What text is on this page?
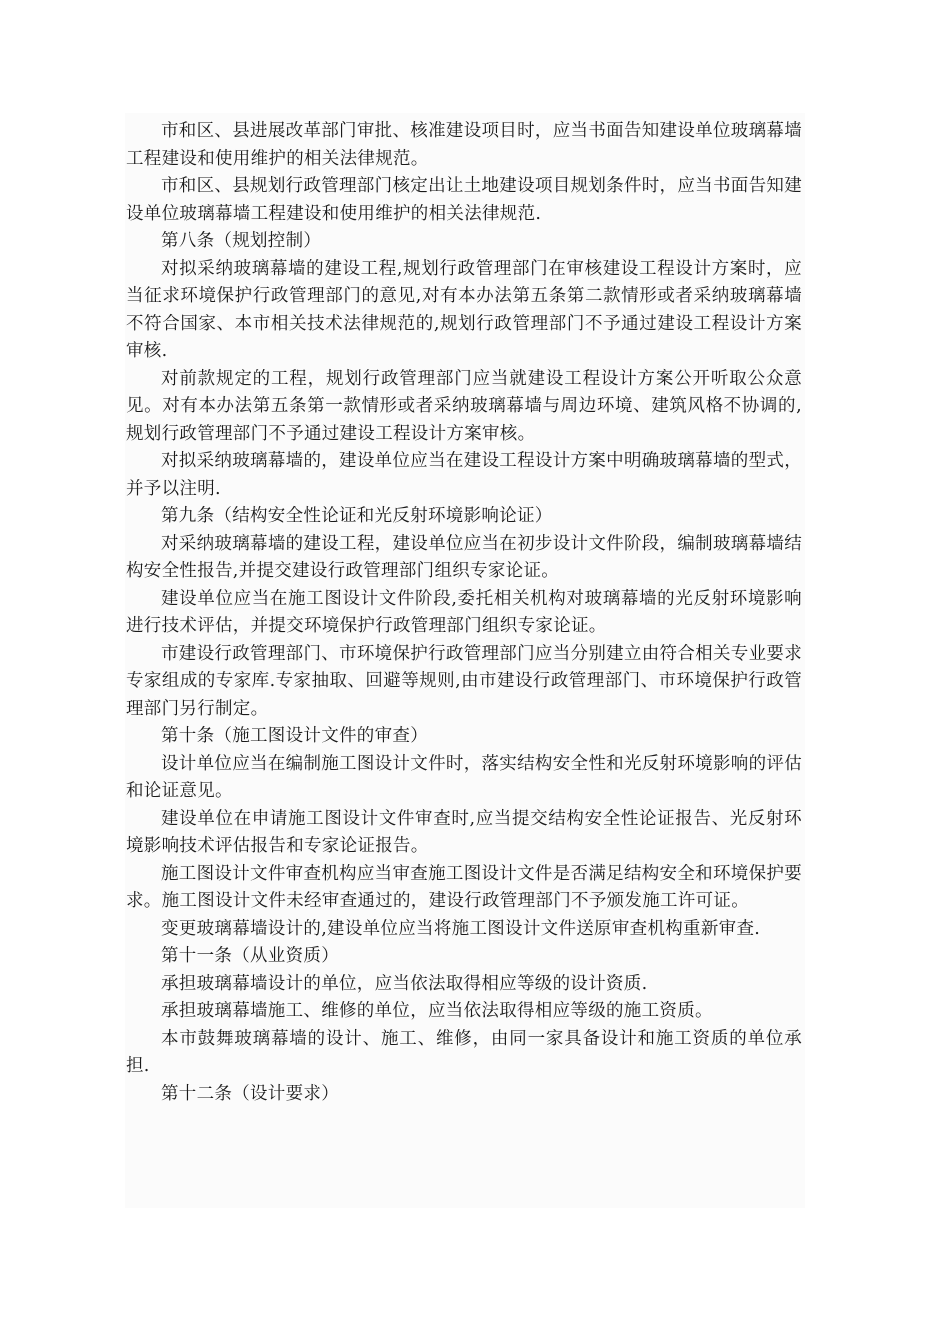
市和区、县进展改革部门审批、核准建设项目时，应当书面告知建设单位玻璃幕墙工程建设和使用维护的相关法律规范。

市和区、县规划行政管理部门核定出让土地建设项目规划条件时，应当书面告知建设单位玻璃幕墙工程建设和使用维护的相关法律规范.

第八条（规划控制）

对拟采纳玻璃幕墙的建设工程,规划行政管理部门在审核建设工程设计方案时，应当征求环境保护行政管理部门的意见,对有本办法第五条第二款情形或者采纳玻璃幕墙不符合国家、本市相关技术法律规范的,规划行政管理部门不予通过建设工程设计方案审核.

对前款规定的工程，规划行政管理部门应当就建设工程设计方案公开听取公众意见。对有本办法第五条第一款情形或者采纳玻璃幕墙与周边环境、建筑风格不协调的,规划行政管理部门不予通过建设工程设计方案审核。

对拟采纳玻璃幕墙的，建设单位应当在建设工程设计方案中明确玻璃幕墙的型式，并予以注明.

第九条（结构安全性论证和光反射环境影响论证）

对采纳玻璃幕墙的建设工程，建设单位应当在初步设计文件阶段，编制玻璃幕墙结构安全性报告,并提交建设行政管理部门组织专家论证。

建设单位应当在施工图设计文件阶段,委托相关机构对玻璃幕墙的光反射环境影响进行技术评估，并提交环境保护行政管理部门组织专家论证。

市建设行政管理部门、市环境保护行政管理部门应当分别建立由符合相关专业要求专家组成的专家库.专家抽取、回避等规则,由市建设行政管理部门、市环境保护行政管理部门另行制定。

第十条（施工图设计文件的审查）

设计单位应当在编制施工图设计文件时，落实结构安全性和光反射环境影响的评估和论证意见。

建设单位在申请施工图设计文件审查时,应当提交结构安全性论证报告、光反射环境影响技术评估报告和专家论证报告。

施工图设计文件审查机构应当审查施工图设计文件是否满足结构安全和环境保护要求。施工图设计文件未经审查通过的，建设行政管理部门不予颁发施工许可证。

变更玻璃幕墙设计的,建设单位应当将施工图设计文件送原审查机构重新审查.

第十一条（从业资质）

承担玻璃幕墙设计的单位，应当依法取得相应等级的设计资质.

承担玻璃幕墙施工、维修的单位，应当依法取得相应等级的施工资质。

本市鼓舞玻璃幕墙的设计、施工、维修，由同一家具备设计和施工资质的单位承担.

第十二条（设计要求）
